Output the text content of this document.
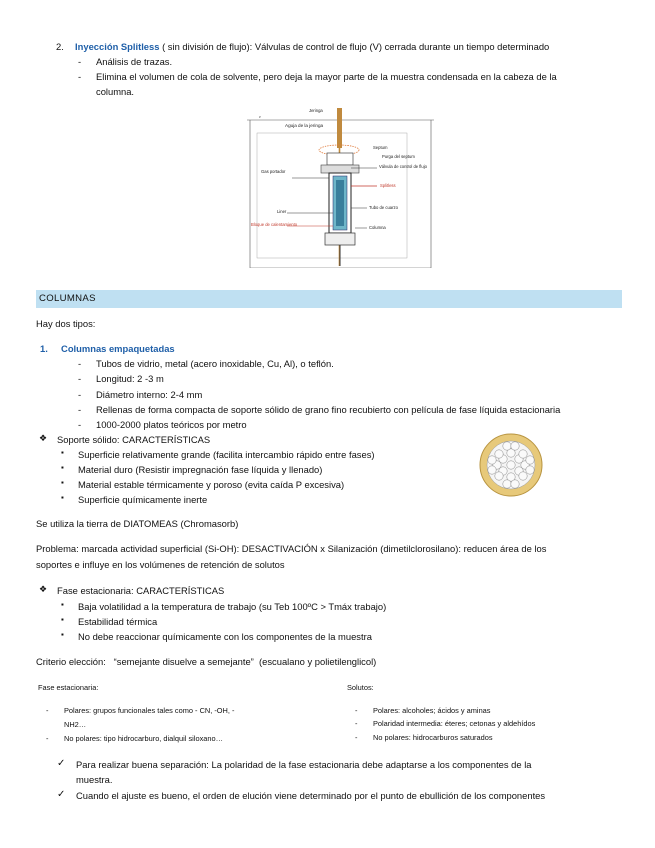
2. Inyección Splitless ( sin división de flujo): Válvulas de control de flujo (V) cerrada durante un tiempo determinado
- Análisis de trazas.
- Elimina el volumen de cola de solvente, pero deja la mayor parte de la muestra condensada en la cabeza de la
columna.
ᵛ
Jeringa
Aguja de la jeringa
Septum
Purga del septum
Válvula de control de flujo
Splitless
Gas portador
Liner
Tubo de cuarzo
Columna
Bloque de calentamiento
COLUMNAS
Hay dos tipos:
1. Columnas empaquetadas
- Tubos de vidrio, metal (acero inoxidable, Cu, Al), o teflón.
- Longitud: 2 -3 m
- Diámetro interno: 2-4 mm
- Rellenas de forma compacta de soporte sólido de grano fino recubierto con película de fase líquida estacionaria
- 1000-2000 platos teóricos por metro
❖ Soporte sólido: CARACTERÍSTICAS
▪ Superficie relativamente grande (facilita intercambio rápido entre fases)
▪ Material duro (Resistir impregnación fase líquida y llenado)
▪ Material estable térmicamente y poroso (evita caída P excesiva)
▪ Superficie químicamente inerte
Se utiliza la tierra de DIATOMEAS (Chromasorb)
Problema: marcada actividad superficial (Si-OH): DESACTIVACIÓN x Silanización (dimetilclorosilano): reducen área de los
soportes e influye en los volúmenes de retención de solutos
❖ Fase estacionaria: CARACTERÍSTICAS
▪ Baja volatilidad a la temperatura de trabajo (su Teb 100ºC > Tmáx trabajo)
▪ Estabilidad térmica
▪ No debe reaccionar químicamente con los componentes de la muestra
Criterio elección:   “semejante disuelve a semejante”  (escualano y polietilenglicol)
Fase estacionaria:	Solutos:
- Polares: grupos funcionales tales como - CN, -OH, -
NH2…
- No polares: tipo hidrocarburo, dialquil siloxano…
- Polares: alcoholes; ácidos y aminas
- Polaridad intermedia: éteres; cetonas y aldehídos
- No polares: hidrocarburos saturados
✓ Para realizar buena separación: La polaridad de la fase estacionaria debe adaptarse a los componentes de la
muestra.
✓ Cuando el ajuste es bueno, el orden de elución viene determinado por el punto de ebullición de los componentes
